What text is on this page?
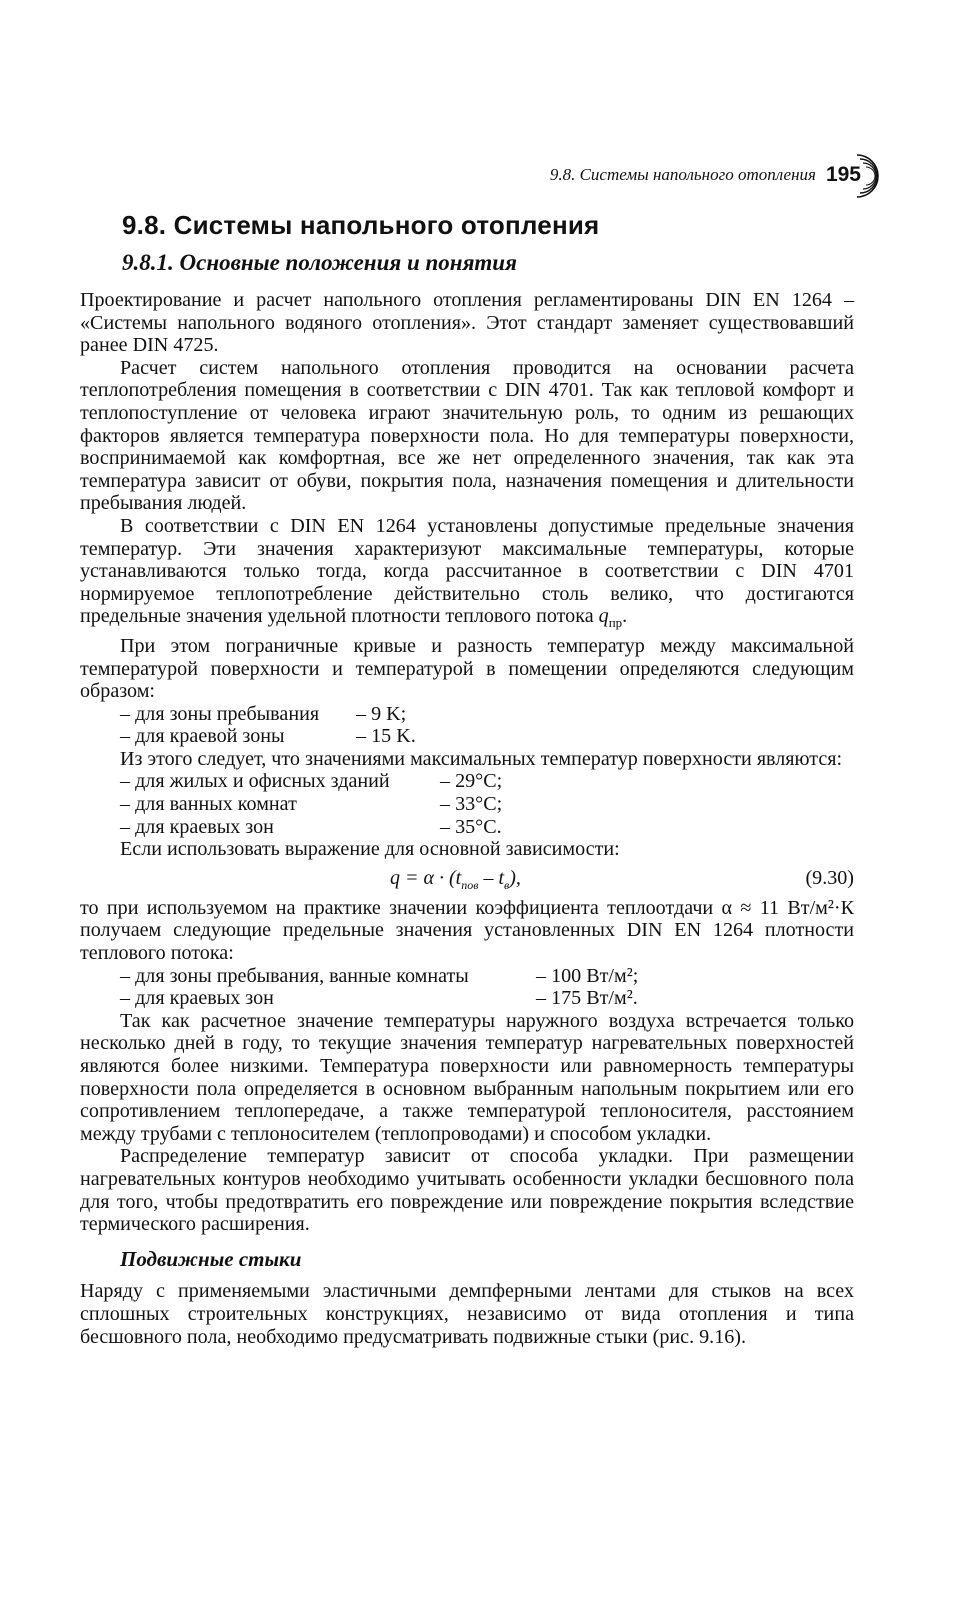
9.8. Системы напольного отопления 195
9.8. Системы напольного отопления
9.8.1. Основные положения и понятия

Проектирование и расчет напольного отопления регламентированы DIN EN 1264 – «Системы напольного водяного отопления». Этот стандарт заменяет существовавший ранее DIN 4725.

Расчет систем напольного отопления проводится на основании расчета теплопотребления помещения в соответствии с DIN 4701. Так как тепловой комфорт и теплопоступление от человека играют значительную роль, то одним из решающих факторов является температура поверхности пола. Но для температуры поверхности, воспринимаемой как комфортная, все же нет определенного значения, так как эта температура зависит от обуви, покрытия пола, назначения помещения и длительности пребывания людей.

В соответствии с DIN EN 1264 установлены допустимые предельные значения температур. Эти значения характеризуют максимальные температуры, которые устанавливаются только тогда, когда рассчитанное в соответствии с DIN 4701 нормируемое теплопотребление действительно столь велико, что достигаются предельные значения удельной плотности теплового потока $q_{пр}$.

При этом пограничные кривые и разность температур между максимальной температурой поверхности и температурой в помещении определяются следующим образом:

– для зоны пребывания	– 9 K;
– для краевой зоны	– 15 K.

Из этого следует, что значениями максимальных температур поверхности являются:

– для жилых и офисных зданий	– 29°C;
– для ванных комнат	– 33°C;
– для краевых зон	– 35°C.

Если использовать выражение для основной зависимости:

$q = \alpha \cdot (t_{пов} - t_в)$,	(9.30)

то при используемом на практике значении коэффициента теплоотдачи α ≈ 11 Вт/м²·К получаем следующие предельные значения установленных DIN EN 1264 плотности теплового потока:

– для зоны пребывания, ванные комнаты	– 100 Вт/м²;
– для краевых зон	– 175 Вт/м².

Так как расчетное значение температуры наружного воздуха встречается только несколько дней в году, то текущие значения температур нагревательных поверхностей являются более низкими. Температура поверхности или равномерность температуры поверхности пола определяется в основном выбранным напольным покрытием или его сопротивлением теплопередаче, а также температурой теплоносителя, расстоянием между трубами с теплоносителем (теплопроводами) и способом укладки.

Распределение температур зависит от способа укладки. При размещении нагревательных контуров необходимо учитывать особенности укладки бесшовного пола для того, чтобы предотвратить его повреждение или повреждение покрытия вследствие термического расширения.

Подвижные стыки

Наряду с применяемыми эластичными демпферными лентами для стыков на всех сплошных строительных конструкциях, независимо от вида отопления и типа бесшовного пола, необходимо предусматривать подвижные стыки (рис. 9.16).
